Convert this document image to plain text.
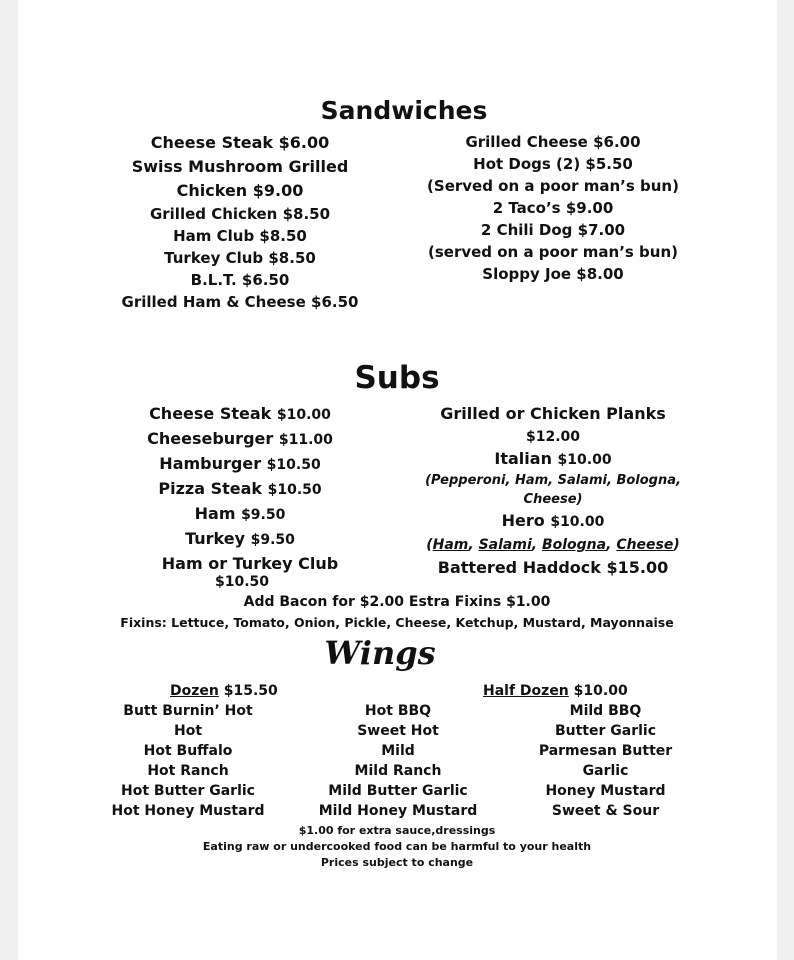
Sandwiches
Cheese Steak $6.00
Swiss Mushroom Grilled
Chicken $9.00
Grilled Chicken $8.50
Ham Club $8.50
Turkey Club $8.50
B.L.T. $6.50
Grilled Ham & Cheese $6.50
Grilled Cheese $6.00
Hot Dogs (2) $5.50
(Served on a poor man’s bun)
2 Taco’s $9.00
2 Chili Dog $7.00
(served on a poor man’s bun)
Sloppy Joe $8.00
Subs
Cheese Steak $10.00
Cheeseburger $11.00
Hamburger $10.50
Pizza Steak $10.50
Ham $9.50
Turkey $9.50
Ham or Turkey Club
$10.50
Grilled or Chicken Planks
$12.00
Italian $10.00
(Pepperoni, Ham, Salami, Bologna,
Cheese)
Hero $10.00
(Ham, Salami, Bologna, Cheese)
Battered Haddock $15.00
Add Bacon for $2.00 Estra Fixins $1.00
Fixins: Lettuce, Tomato, Onion, Pickle, Cheese, Ketchup, Mustard, Mayonnaise
Wings
Dozen $15.50	Half Dozen $10.00
Butt Burnin’ Hot
Hot
Hot Buffalo
Hot Ranch
Hot Butter Garlic
Hot Honey Mustard
Hot BBQ
Sweet Hot
Mild
Mild Ranch
Mild Butter Garlic
Mild Honey Mustard
Mild BBQ
Butter Garlic
Parmesan Butter
Garlic
Honey Mustard
Sweet & Sour
$1.00 for extra sauce,dressings
Eating raw or undercooked food can be harmful to your health
Prices subject to change
